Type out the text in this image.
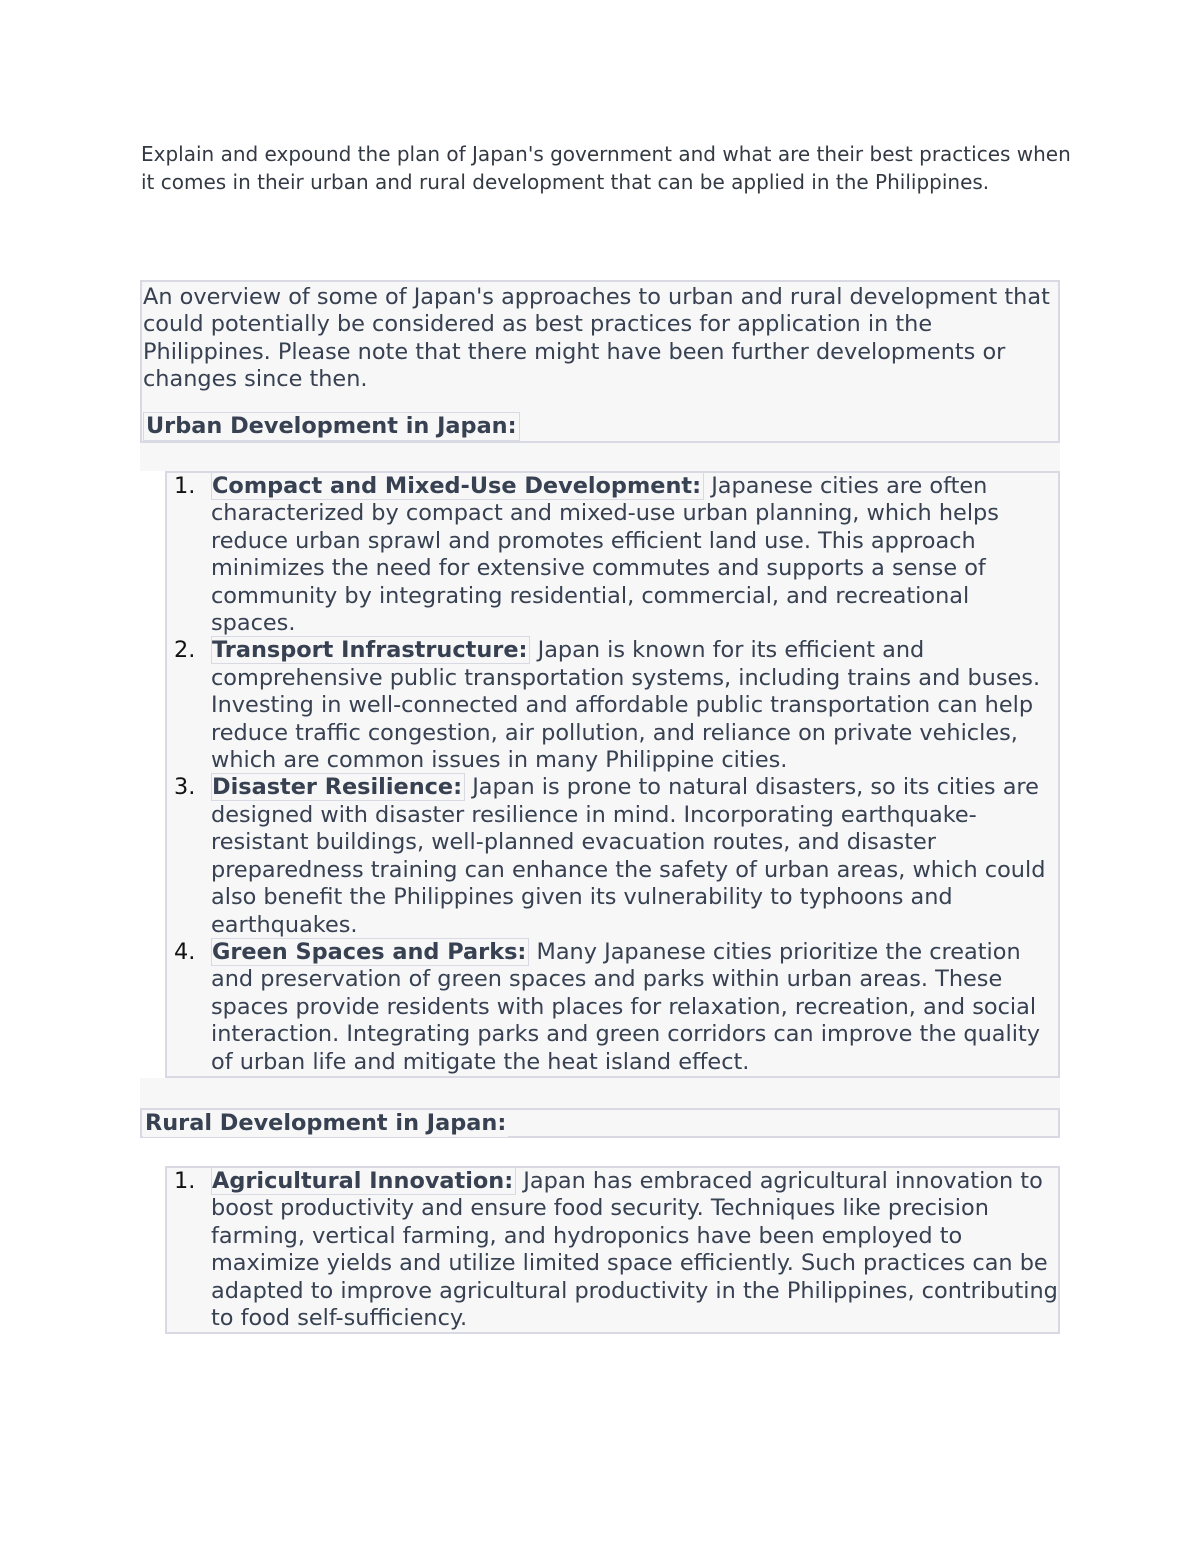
Explain and expound the plan of Japan's government and what are their best practices when it comes in their urban and rural development that can be applied in the Philippines.

An overview of some of Japan's approaches to urban and rural development that could potentially be considered as best practices for application in the Philippines. Please note that there might have been further developments or changes since then.

Urban Development in Japan:
Compact and Mixed-Use Development: Japanese cities are often characterized by compact and mixed-use urban planning, which helps reduce urban sprawl and promotes efficient land use. This approach minimizes the need for extensive commutes and supports a sense of community by integrating residential, commercial, and recreational spaces.
Transport Infrastructure: Japan is known for its efficient and comprehensive public transportation systems, including trains and buses. Investing in well-connected and affordable public transportation can help reduce traffic congestion, air pollution, and reliance on private vehicles, which are common issues in many Philippine cities.
Disaster Resilience: Japan is prone to natural disasters, so its cities are designed with disaster resilience in mind. Incorporating earthquake-resistant buildings, well-planned evacuation routes, and disaster preparedness training can enhance the safety of urban areas, which could also benefit the Philippines given its vulnerability to typhoons and earthquakes.
Green Spaces and Parks: Many Japanese cities prioritize the creation and preservation of green spaces and parks within urban areas. These spaces provide residents with places for relaxation, recreation, and social interaction. Integrating parks and green corridors can improve the quality of urban life and mitigate the heat island effect.
Rural Development in Japan:
Agricultural Innovation: Japan has embraced agricultural innovation to boost productivity and ensure food security. Techniques like precision farming, vertical farming, and hydroponics have been employed to maximize yields and utilize limited space efficiently. Such practices can be adapted to improve agricultural productivity in the Philippines, contributing to food self-sufficiency.
